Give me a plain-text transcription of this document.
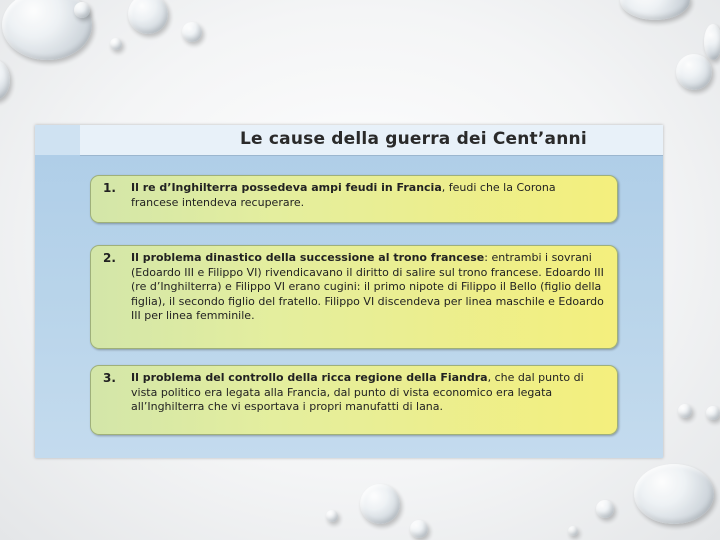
Le cause della guerra dei Cent’anni
1. Il re d’Inghilterra possedeva ampi feudi in Francia, feudi che la Corona francese intendeva recuperare.
2. Il problema dinastico della successione al trono francese: entrambi i sovrani (Edoardo III e Filippo VI) rivendicavano il diritto di salire sul trono francese. Edoardo III (re d’Inghilterra) e Filippo VI erano cugini: il primo nipote di Filippo il Bello (figlio della figlia), il secondo figlio del fratello. Filippo VI discendeva per linea maschile e Edoardo III per linea femminile.
3. Il problema del controllo della ricca regione della Fiandra, che dal punto di vista politico era legata alla Francia, dal punto di vista economico era legata all’Inghilterra che vi esportava i propri manufatti di lana.
